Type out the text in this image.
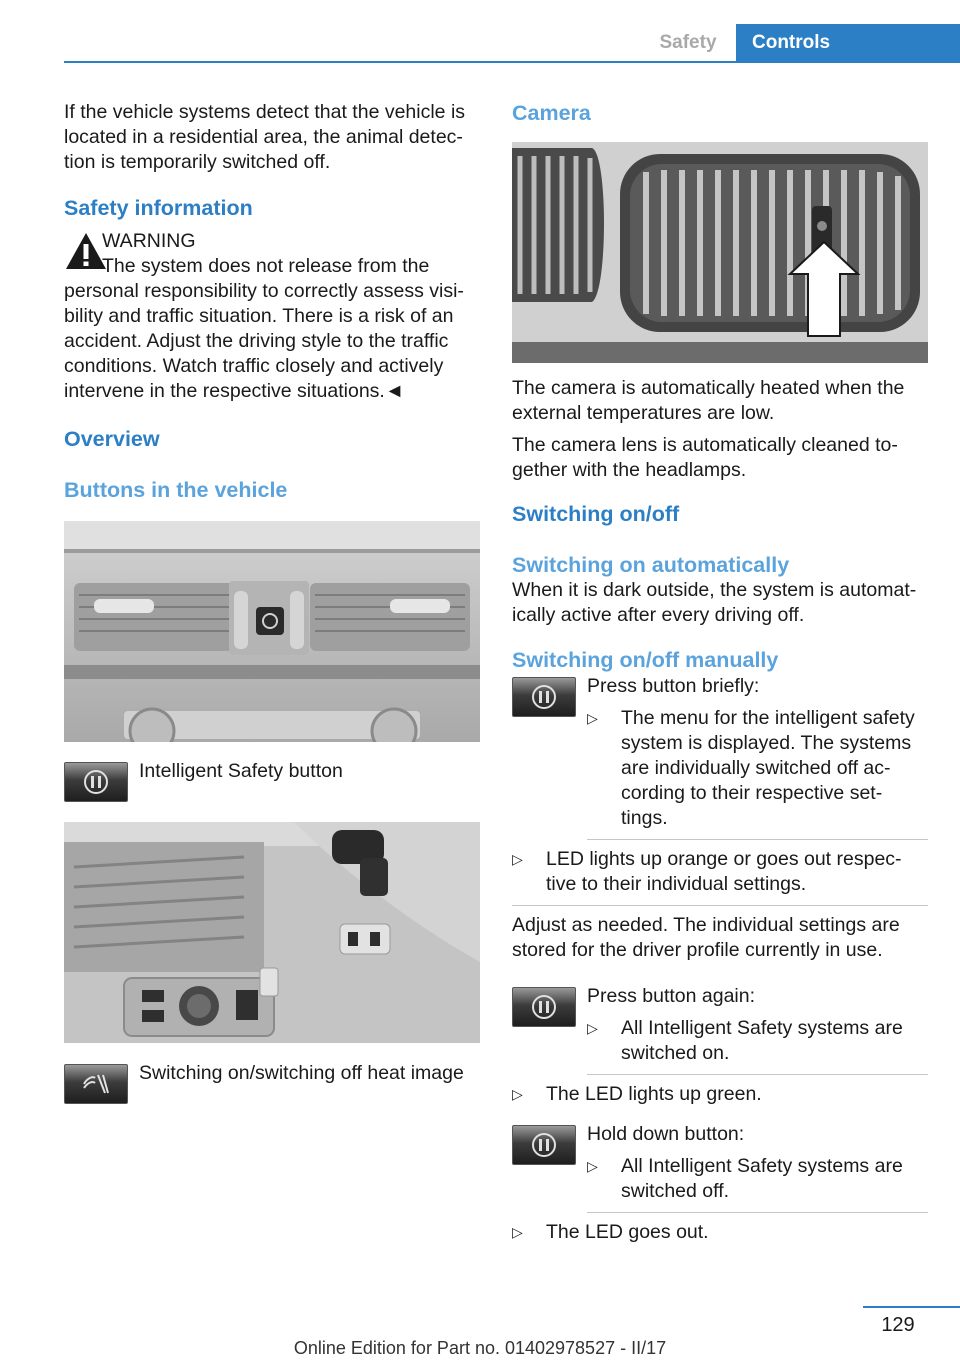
Safety	Controls

If the vehicle systems detect that the vehicle is located in a residential area, the animal detec-tion is temporarily switched off.

Safety information
WARNING
The system does not release from the

personal responsibility to correctly assess visi-bility and traffic situation. There is a risk of an accident. Adjust the driving style to the traffic conditions. Watch traffic closely and actively intervene in the respective situations.◄

Overview
Buttons in the vehicle
Intelligent Safety button
Switching on/switching off heat image
Camera

The camera is automatically heated when the external temperatures are low.

The camera lens is automatically cleaned to-gether with the headlamps.

Switching on/off
Switching on automatically

When it is dark outside, the system is automat-ically active after every driving off.

Switching on/off manually
Press button briefly:
▷ The menu for the intelligent safety system is displayed. The systems are individually switched off ac-cording to their respective set-tings.
▷ LED lights up orange or goes out respec-tive to their individual settings.

Adjust as needed. The individual settings are stored for the driver profile currently in use.

Press button again:
▷ All Intelligent Safety systems are switched on.
▷ The LED lights up green.
Hold down button:
▷ All Intelligent Safety systems are switched off.
▷ The LED goes out.
129
Online Edition for Part no. 01402978527 - II/17
